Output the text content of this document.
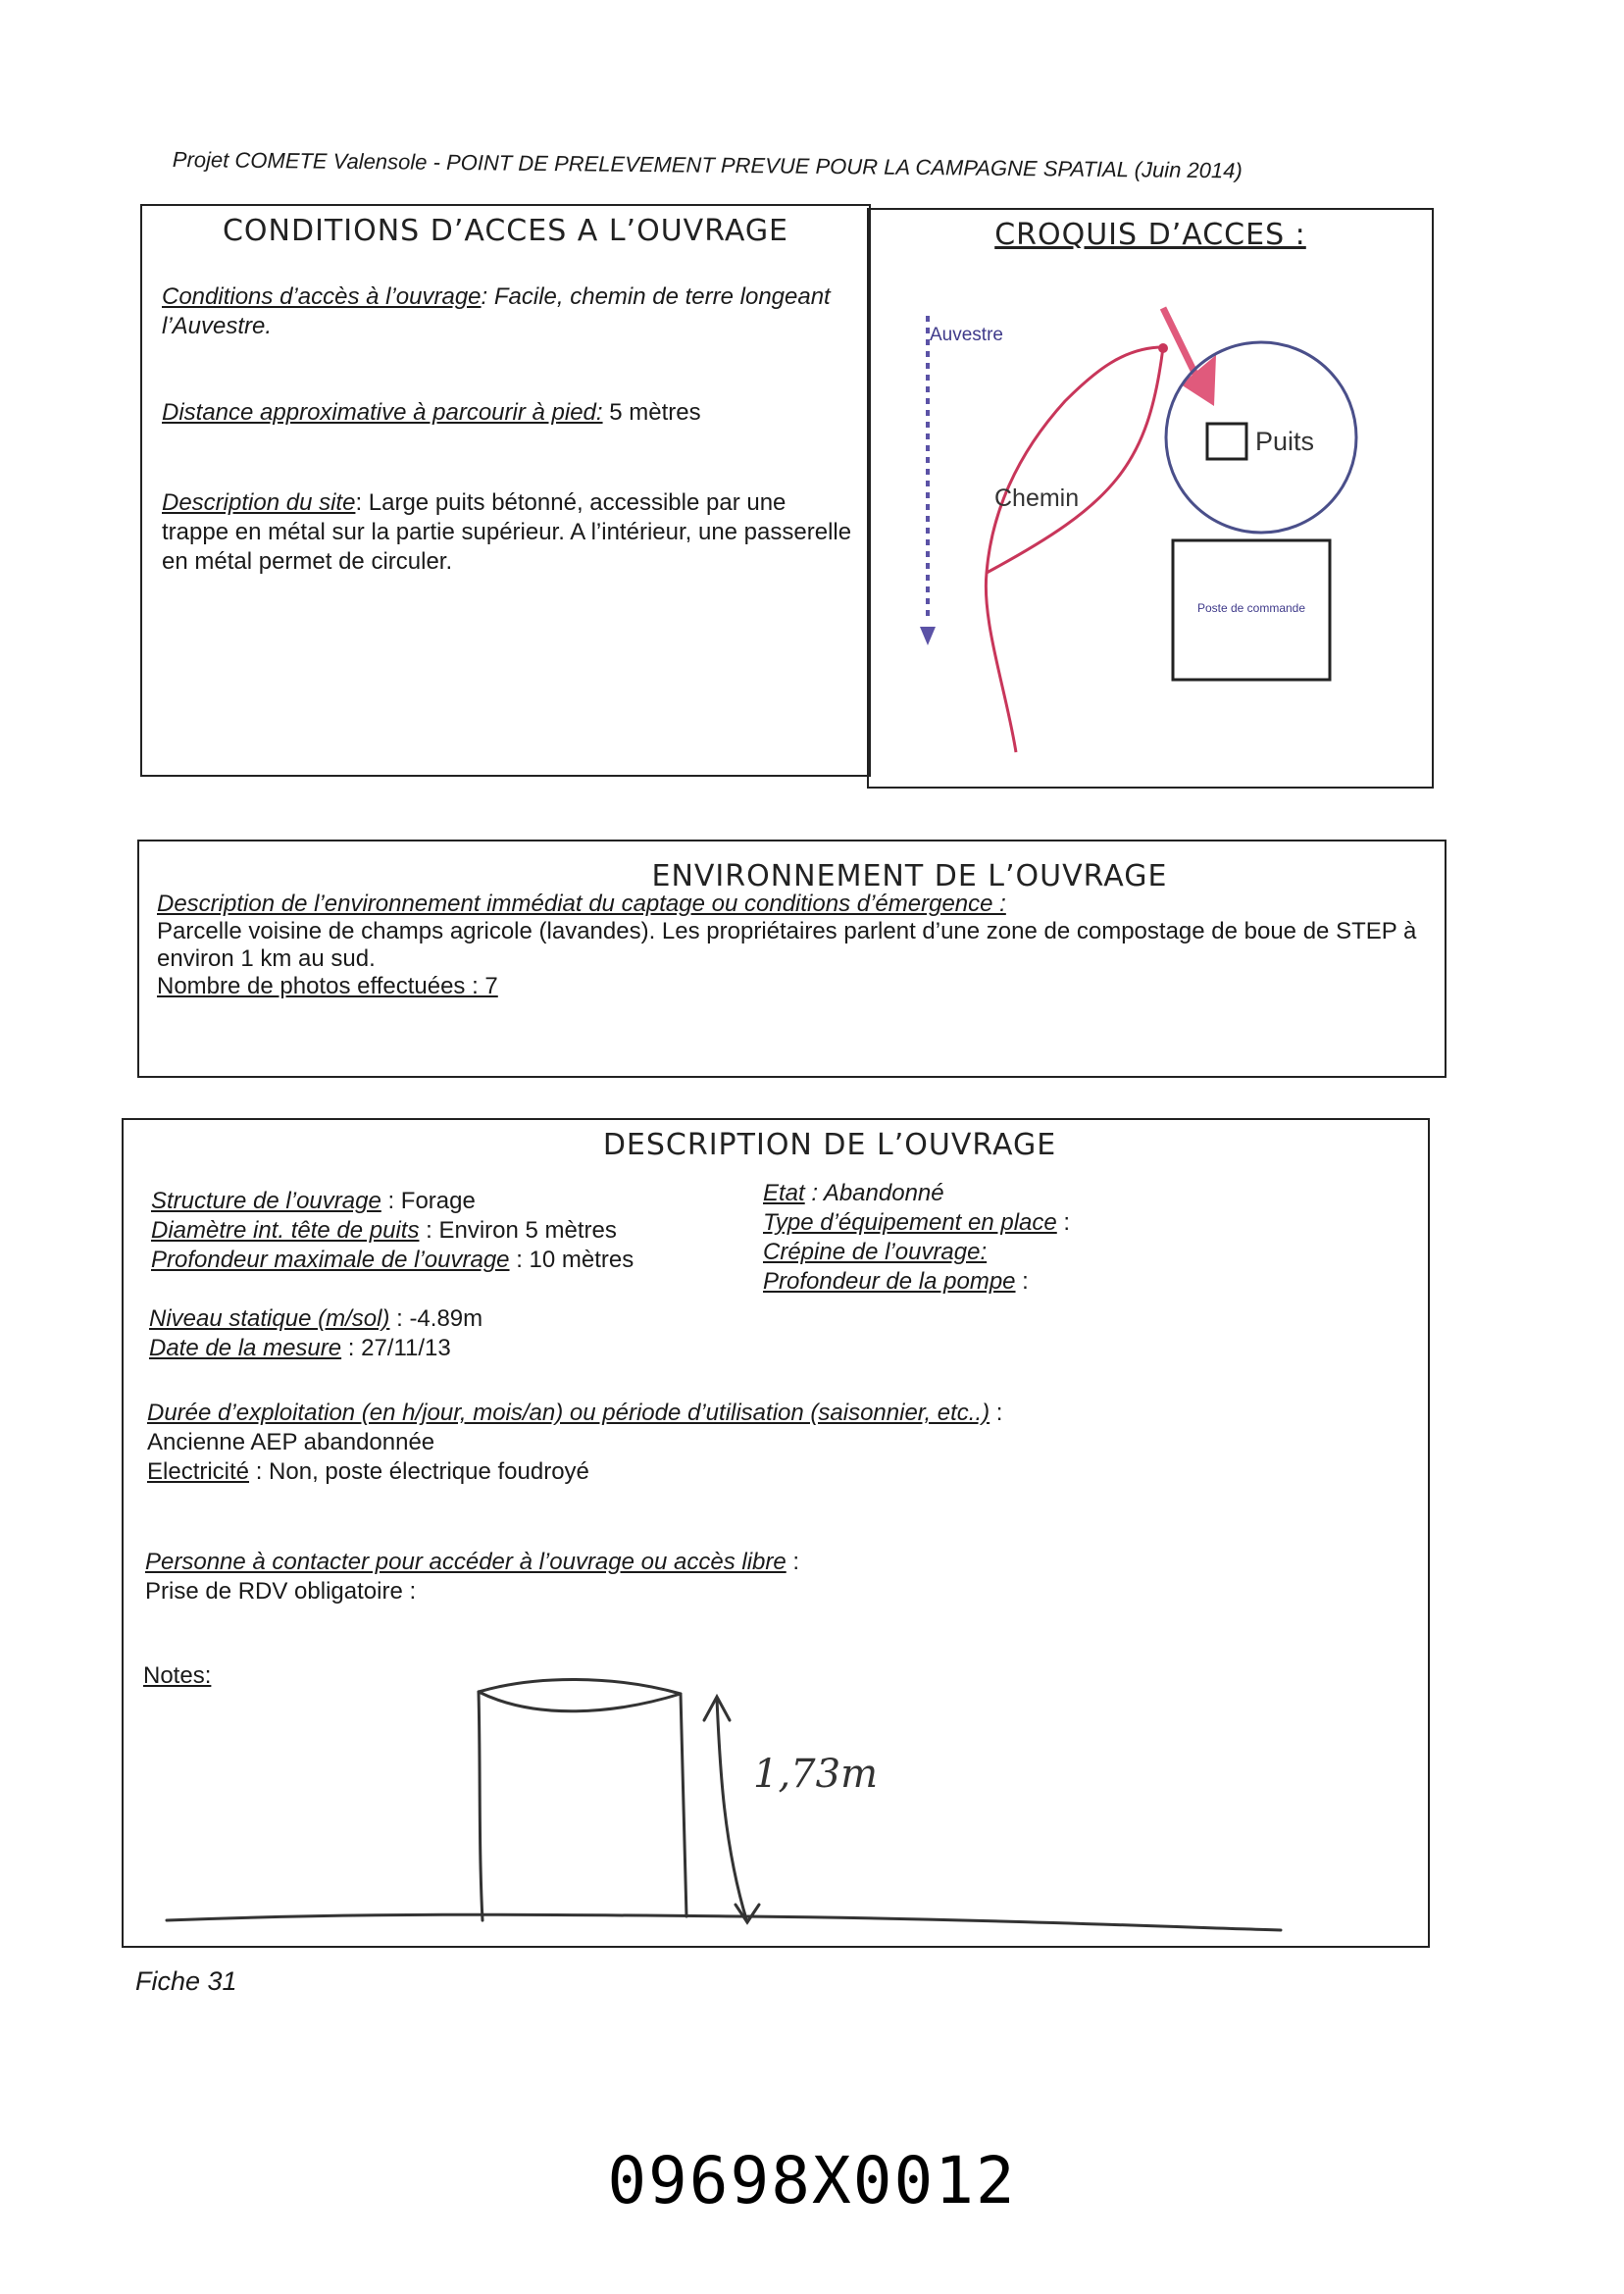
Projet COMETE Valensole - POINT DE PRELEVEMENT PREVUE POUR LA CAMPAGNE SPATIAL (Juin 2014)
CONDITIONS D’ACCES A L’OUVRAGE
Conditions d’accès à l’ouvrage: Facile, chemin de terre longeant l’Auvestre.
Distance approximative à parcourir à pied: 5 mètres
Description du site: Large puits bétonné, accessible par une trappe en métal sur la partie supérieur. A l’intérieur, une passerelle en métal permet de circuler.
CROQUIS D’ACCES :
Auvestre
Chemin
Puits
Poste de commande
ENVIRONNEMENT DE L’OUVRAGE
Description de l’environnement immédiat du captage ou conditions d’émergence :
Parcelle voisine de champs agricole (lavandes). Les propriétaires parlent d’une zone de compostage de boue de STEP à environ 1 km au sud.
Nombre de photos effectuées : 7
DESCRIPTION DE L’OUVRAGE
Structure de l’ouvrage : Forage
Diamètre int. tête de puits : Environ 5 mètres
Profondeur maximale de l’ouvrage : 10 mètres
Etat : Abandonné
Type d’équipement en place :
Crépine de l’ouvrage:
Profondeur de la pompe :
Niveau statique (m/sol) : -4.89m
Date de la mesure : 27/11/13
Durée d’exploitation (en h/jour, mois/an) ou période d’utilisation (saisonnier, etc..) :
Ancienne AEP abandonnée
Electricité : Non, poste électrique foudroyé
Personne à contacter pour accéder à l’ouvrage ou accès libre :
Prise de RDV obligatoire :
Notes:
1,73m
Fiche 31
09698X0012
